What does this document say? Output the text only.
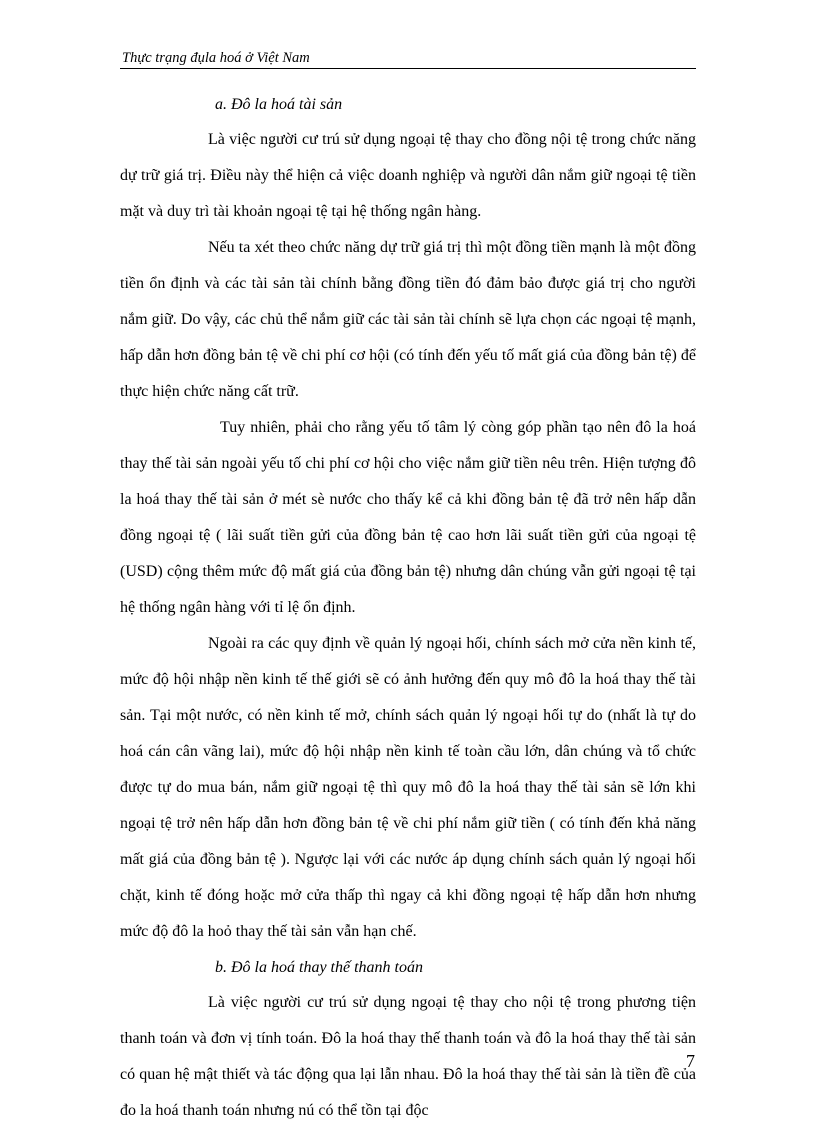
Thực trạng đụla hoá ở Việt Nam

a. Đô la hoá tài sản

Là việc người cư trú sử dụng ngoại tệ thay cho đồng nội tệ trong chức năng dự trữ giá trị. Điều này thể hiện cả việc doanh nghiệp và người dân nắm giữ ngoại tệ tiền mặt và duy trì tài khoản ngoại tệ tại hệ thống ngân hàng.

Nếu ta xét theo chức năng dự trữ giá trị thì một đồng tiền mạnh là một đồng tiền ổn định và các tài sản tài chính bằng đồng tiền đó đảm bảo được giá trị cho người nắm giữ. Do vậy, các chủ thể nắm giữ các tài sản tài chính sẽ lựa chọn các ngoại tệ mạnh, hấp dẫn hơn đồng bản tệ về chi phí cơ hội (có tính đến yếu tố mất giá của đồng bản tệ) để thực hiện chức năng cất trữ.

Tuy nhiên, phải cho rằng yếu tố tâm lý còng góp phần tạo nên đô la hoá thay thế tài sản ngoài yếu tố chi phí cơ hội cho việc nắm giữ tiền nêu trên. Hiện tượng đô la hoá thay thế tài sản ở mét sè nước cho thấy kể cả khi đồng bản tệ đã trở nên hấp dẫn đồng ngoại tệ ( lãi suất tiền gửi của đồng bản tệ cao hơn lãi suất tiền gửi của ngoại tệ (USD) cộng thêm mức độ mất giá của đồng bản tệ) nhưng dân chúng vẫn gửi ngoại tệ tại hệ thống ngân hàng với tỉ lệ ổn định.

Ngoài ra các quy định về quản lý ngoại hối, chính sách mở cửa nền kinh tế, mức độ hội nhập nền kinh tế thế giới sẽ có ảnh hưởng đến quy mô đô la hoá thay thế tài sản. Tại một nước, có nền kinh tế mở, chính sách quản lý ngoại hối tự do (nhất là tự do hoá cán cân vãng lai), mức độ hội nhập nền kinh tế toàn cầu lớn, dân chúng và tổ chức được tự do mua bán, nắm giữ ngoại tệ thì quy mô đô la hoá thay thế tài sản sẽ lớn khi ngoại tệ trở nên hấp dẫn hơn đồng bản tệ về chi phí nắm giữ tiền ( có tính đến khả năng mất giá của đồng bản tệ ). Ngược lại với các nước áp dụng chính sách quản lý ngoại hối chặt, kinh tế đóng hoặc mở cửa thấp thì ngay cả khi đồng ngoại tệ hấp dẫn hơn nhưng mức độ đô la hoỏ thay thế tài sản vẫn hạn chế.

b. Đô la hoá thay thế thanh toán

Là việc người cư trú sử dụng ngoại tệ thay cho nội tệ trong phương tiện thanh toán và đơn vị tính toán. Đô la hoá thay thế thanh toán và đô la hoá thay thế tài sản có quan hệ mật thiết và tác động qua lại lẫn nhau. Đô la hoá thay thế tài sản là tiền đề của đo la hoá thanh toán nhưng nú có thể tồn tại độc

7
